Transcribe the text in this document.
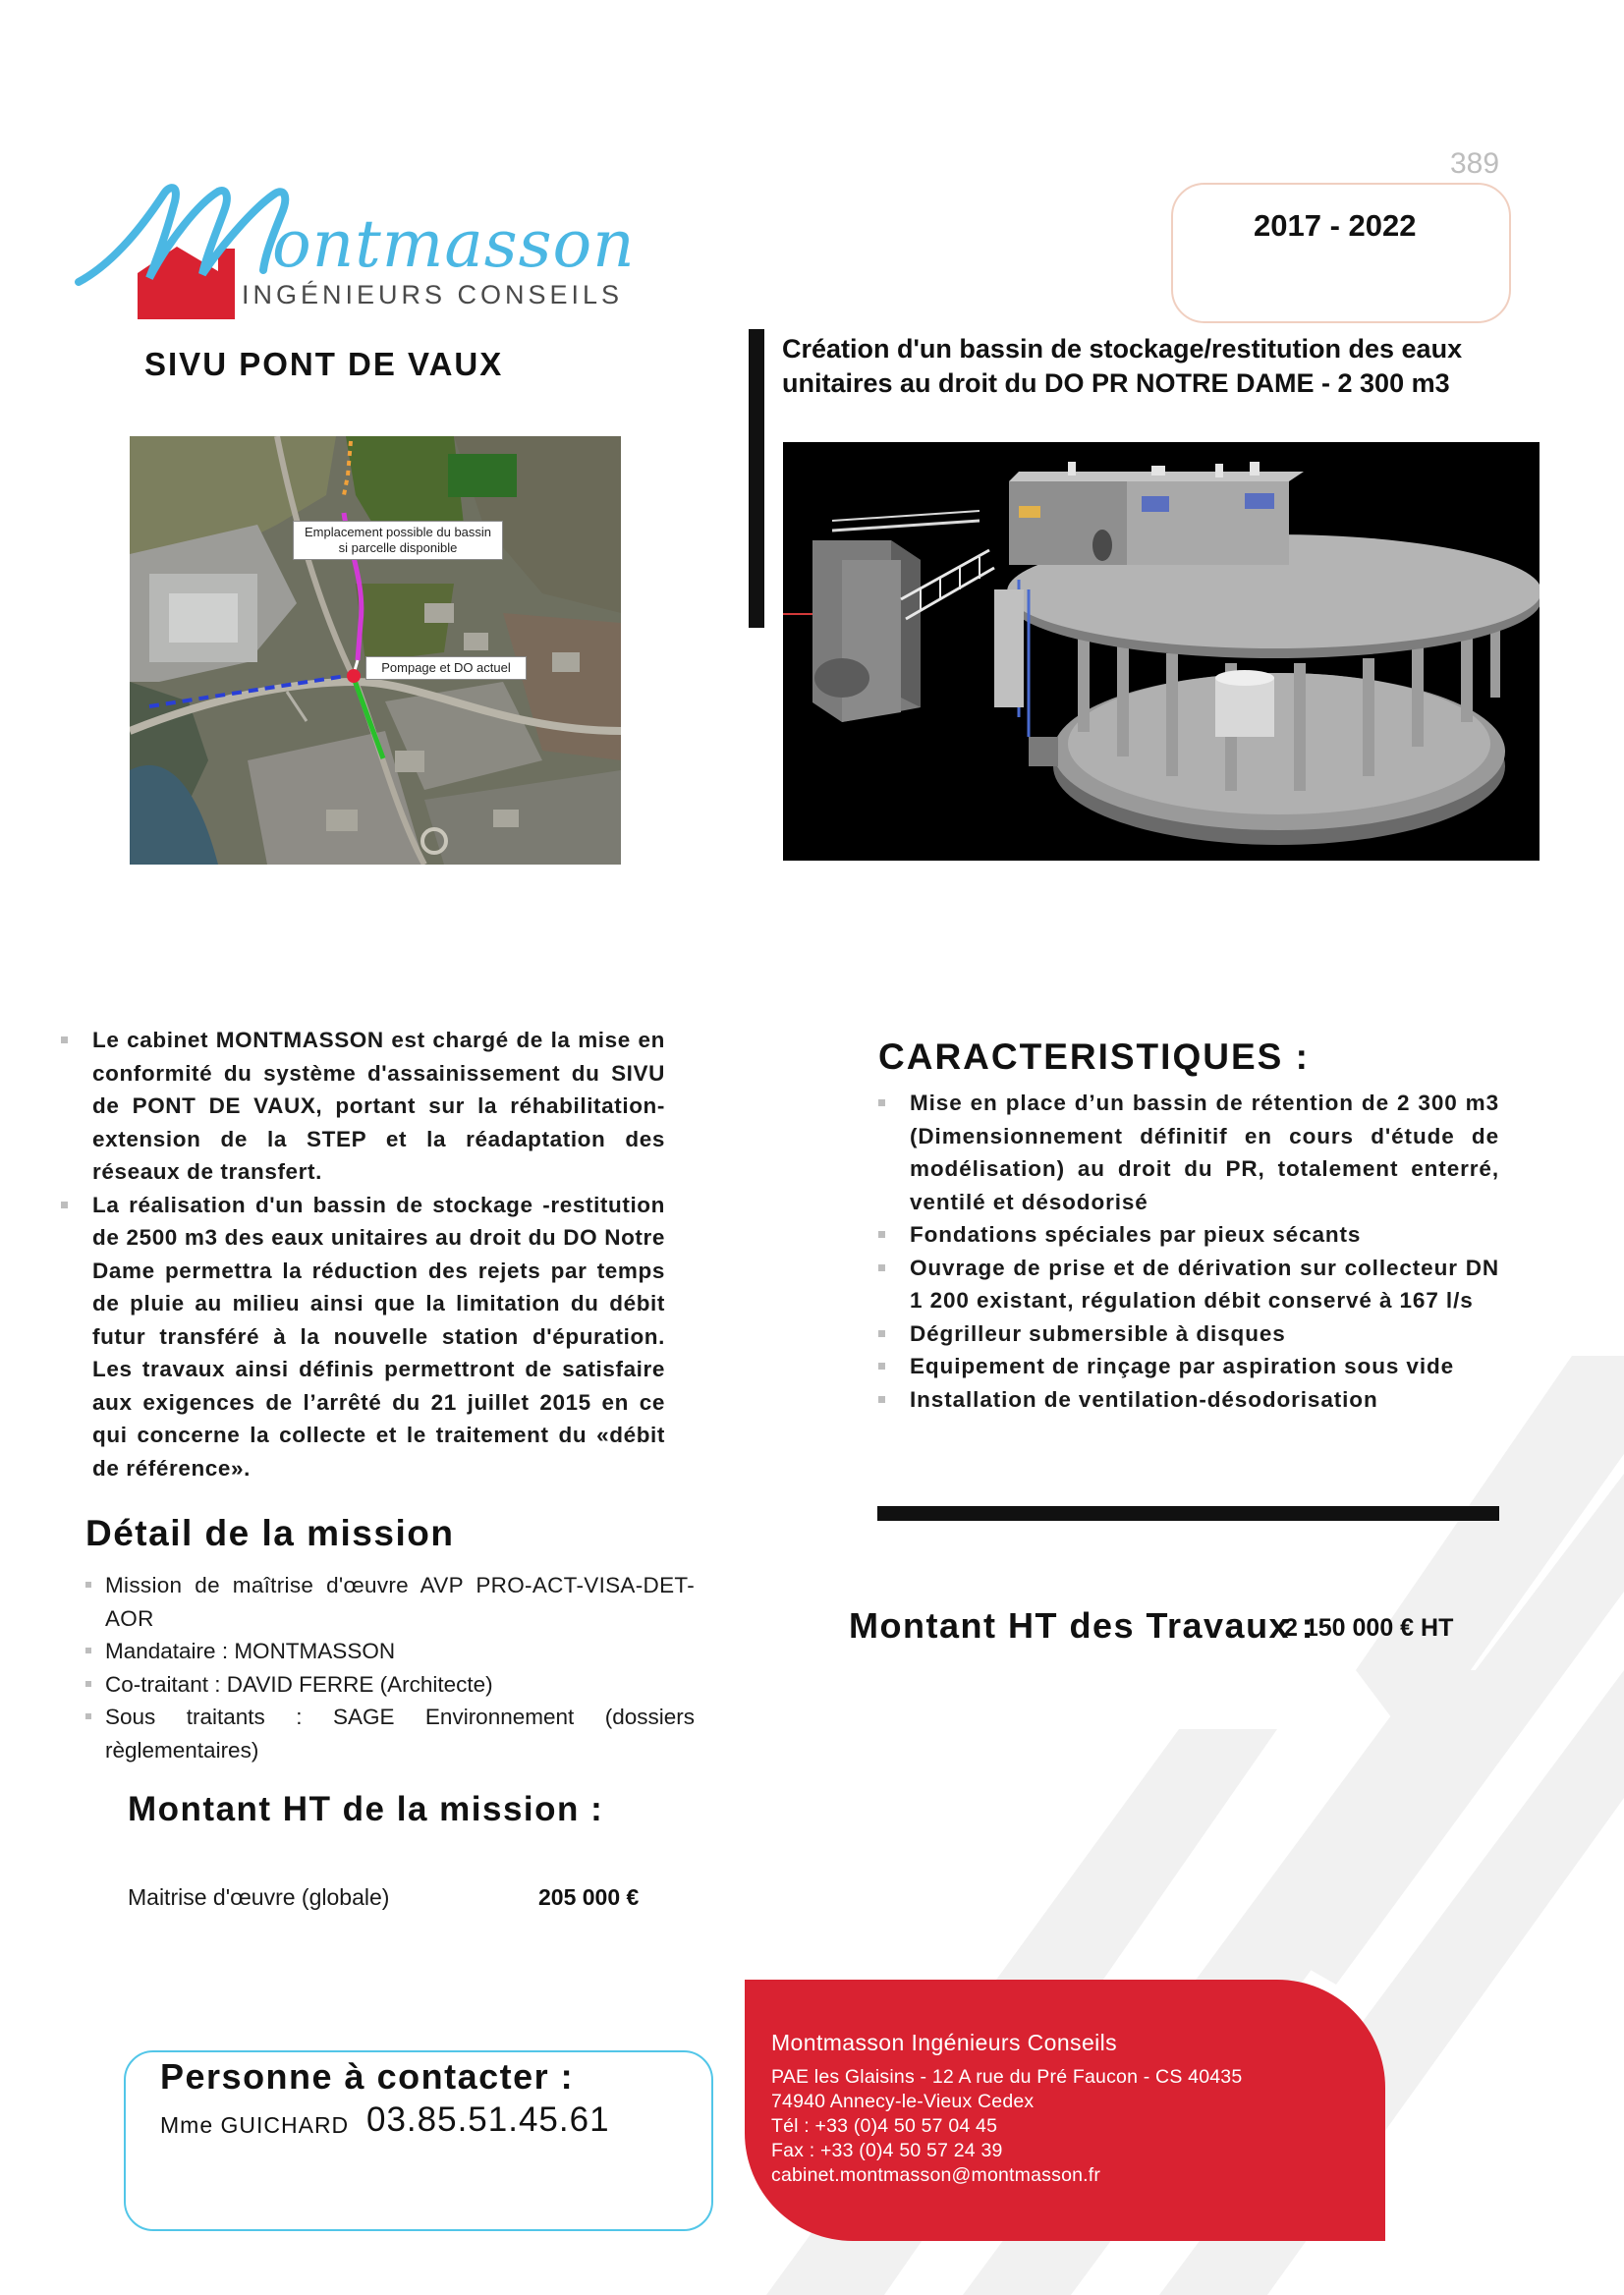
389
ontmasson
INGÉNIEURS CONSEILS
2017 - 2022
SIVU PONT DE VAUX	Création d'un bassin de stockage/restitution des eaux
unitaires au droit du DO PR NOTRE DAME - 2 300 m3
Emplacement possible du bassin si parcelle disponible
Pompage et DO actuel
Le cabinet MONTMASSON est chargé de la mise en conformité du système d'assainissement du SIVU de PONT DE VAUX, portant sur la réhabilitation-extension de la STEP et la réadaptation des réseaux de transfert.
La réalisation d'un bassin de stockage -restitution de 2500 m3 des eaux unitaires au droit du DO Notre Dame permettra la réduction des rejets par temps de pluie au milieu ainsi que la limitation du débit futur transféré à la nouvelle station d'épuration. Les travaux ainsi définis permettront de satisfaire aux exigences de l’arrêté du 21 juillet 2015 en ce qui concerne la collecte et le traitement du «débit de référence».
Détail de la mission
Mission de maîtrise d'œuvre AVP PRO-ACT-VISA-DET-AOR
Mandataire : MONTMASSON
Co-traitant : DAVID FERRE (Architecte)
Sous traitants : SAGE Environnement (dossiers règlementaires)
Montant HT de la mission :
Maitrise d'œuvre (globale)	205 000 €
CARACTERISTIQUES :
Mise en place d’un bassin de rétention de 2 300 m3 (Dimensionnement définitif en cours d'étude de modélisation) au droit du PR, totalement enterré, ventilé et désodorisé
Fondations spéciales par pieux sécants
Ouvrage de prise et de dérivation sur collecteur DN 1 200 existant, régulation débit conservé à 167 l/s
Dégrilleur submersible à disques
Equipement de rinçage par aspiration sous vide
Installation de ventilation-désodorisation
Montant HT des Travaux :
2 150 000 € HT
Personne à contacter :
Mme GUICHARD 03.85.51.45.61
Montmasson Ingénieurs Conseils
PAE les Glaisins - 12 A rue du Pré Faucon - CS 40435
74940 Annecy-le-Vieux Cedex
Tél : +33 (0)4 50 57 04 45
Fax : +33 (0)4 50 57 24 39
cabinet.montmasson@montmasson.fr
